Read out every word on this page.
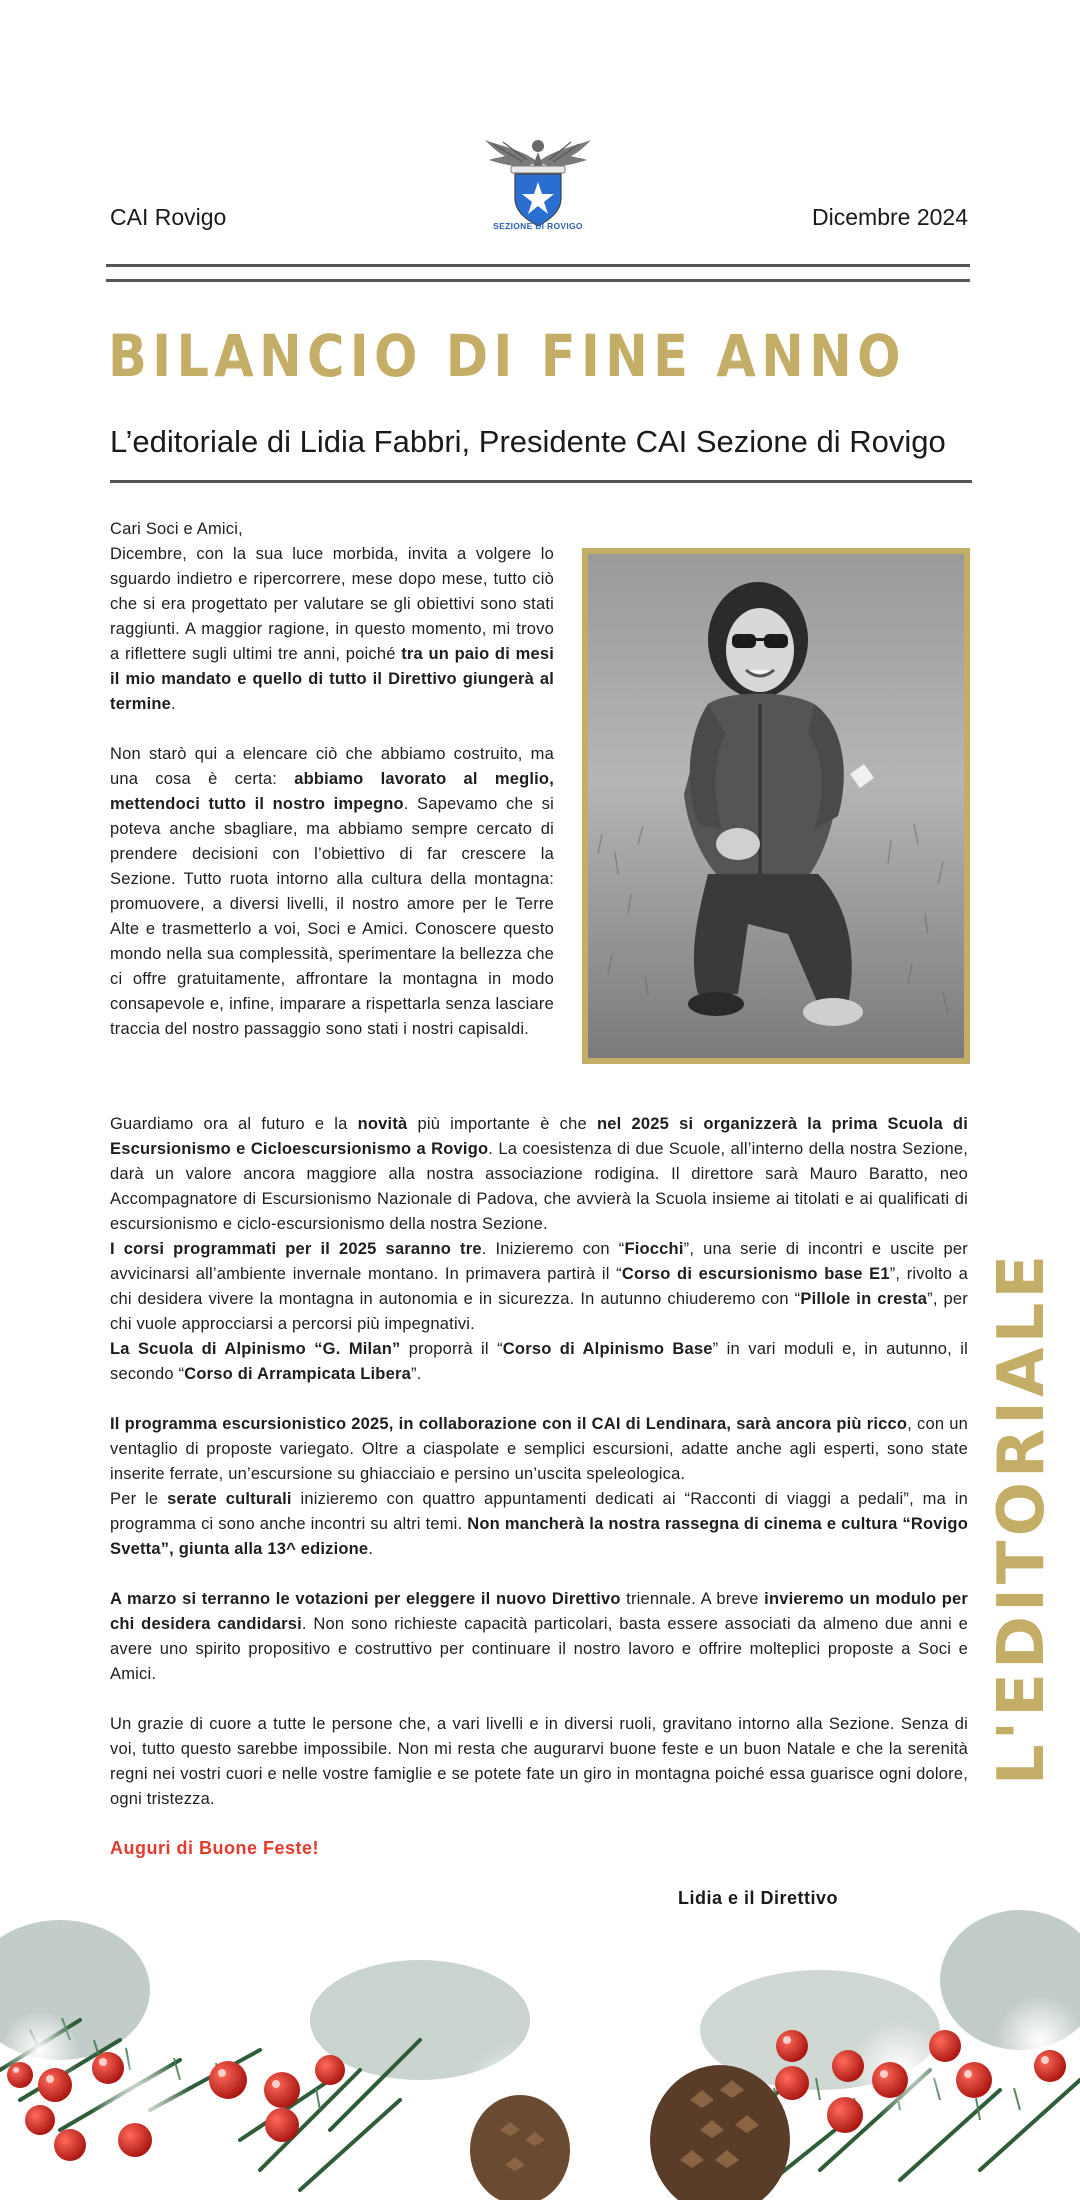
CAI Rovigo	SEZIONE DI ROVIGO	Dicembre 2024
BILANCIO DI FINE ANNO
L’editoriale di Lidia Fabbri, Presidente CAI Sezione di Rovigo

Cari Soci e Amici,

Dicembre, con la sua luce morbida, invita a volgere lo sguardo indietro e ripercorrere, mese dopo mese, tutto ciò che si era progettato per valutare se gli obiettivi sono stati raggiunti. A maggior ragione, in questo momento, mi trovo a riflettere sugli ultimi tre anni, poiché tra un paio di mesi il mio mandato e quello di tutto il Direttivo giungerà al termine.

Non starò qui a elencare ciò che abbiamo costruito, ma una cosa è certa: abbiamo lavorato al meglio, mettendoci tutto il nostro impegno. Sapevamo che si poteva anche sbagliare, ma abbiamo sempre cercato di prendere decisioni con l’obiettivo di far crescere la Sezione. Tutto ruota intorno alla cultura della montagna: promuovere, a diversi livelli, il nostro amore per le Terre Alte e trasmetterlo a voi, Soci e Amici. Conoscere questo mondo nella sua complessità, sperimentare la bellezza che ci offre gratuitamente, affrontare la montagna in modo consapevole e, infine, imparare a rispettarla senza lasciare traccia del nostro passaggio sono stati i nostri capisaldi.

Guardiamo ora al futuro e la novità più importante è che nel 2025 si organizzerà la prima Scuola di Escursionismo e Cicloescursionismo a Rovigo. La coesistenza di due Scuole, all’interno della nostra Sezione, darà un valore ancora maggiore alla nostra associazione rodigina. Il direttore sarà Mauro Baratto, neo Accompagnatore di Escursionismo Nazionale di Padova, che avvierà la Scuola insieme ai titolati e ai qualificati di escursionismo e ciclo-escursionismo della nostra Sezione.

I corsi programmati per il 2025 saranno tre. Inizieremo con “Fiocchi”, una serie di incontri e uscite per avvicinarsi all’ambiente invernale montano. In primavera partirà il “Corso di escursionismo base E1”, rivolto a chi desidera vivere la montagna in autonomia e in sicurezza. In autunno chiuderemo con “Pillole in cresta”, per chi vuole approcciarsi a percorsi più impegnativi.

La Scuola di Alpinismo “G. Milan” proporrà il “Corso di Alpinismo Base” in vari moduli e, in autunno, il secondo “Corso di Arrampicata Libera”.

Il programma escursionistico 2025, in collaborazione con il CAI di Lendinara, sarà ancora più ricco, con un ventaglio di proposte variegato. Oltre a ciaspolate e semplici escursioni, adatte anche agli esperti, sono state inserite ferrate, un’escursione su ghiacciaio e persino un’uscita speleologica.

Per le serate culturali inizieremo con quattro appuntamenti dedicati ai “Racconti di viaggi a pedali”, ma in programma ci sono anche incontri su altri temi. Non mancherà la nostra rassegna di cinema e cultura “Rovigo Svetta”, giunta alla 13^ edizione.

A marzo si terranno le votazioni per eleggere il nuovo Direttivo triennale. A breve invieremo un modulo per chi desidera candidarsi. Non sono richieste capacità particolari, basta essere associati da almeno due anni e avere uno spirito propositivo e costruttivo per continuare il nostro lavoro e offrire molteplici proposte a Soci e Amici.

Un grazie di cuore a tutte le persone che, a vari livelli e in diversi ruoli, gravitano intorno alla Sezione. Senza di voi, tutto questo sarebbe impossibile. Non mi resta che augurarvi buone feste e un buon Natale e che la serenità regni nei vostri cuori e nelle vostre famiglie e se potete fate un giro in montagna poiché essa guarisce ogni dolore, ogni tristezza.

L'EDITORIALE
Auguri di Buone Feste!
Lidia e il Direttivo
